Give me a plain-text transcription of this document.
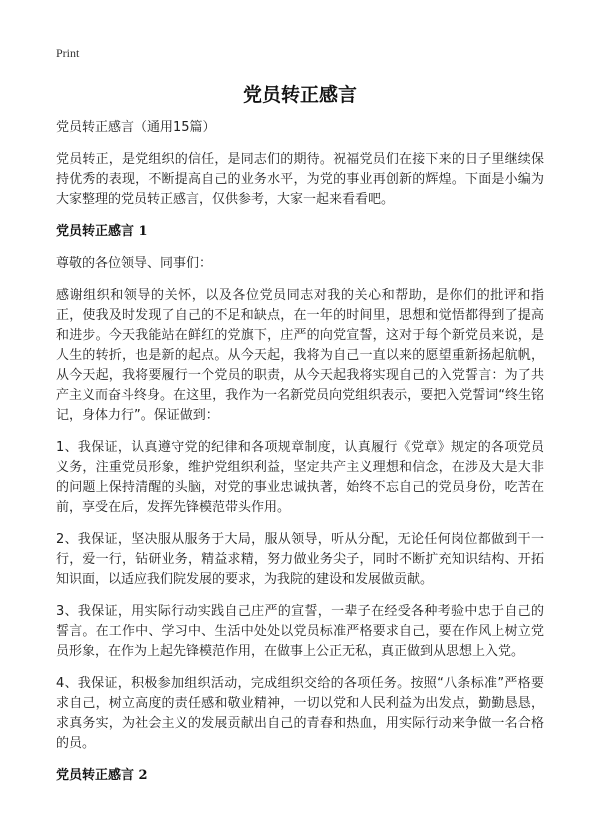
Print
党员转正感言

党员转正感言（通用15篇）

党员转正，是党组织的信任，是同志们的期待。祝福党员们在接下来的日子里继续保持优秀的表现，不断提高自己的业务水平，为党的事业再创新的辉煌。下面是小编为大家整理的党员转正感言，仅供参考，大家一起来看看吧。

党员转正感言 1

尊敬的各位领导、同事们：

感谢组织和领导的关怀，以及各位党员同志对我的关心和帮助，是你们的批评和指正，使我及时发现了自己的不足和缺点，在一年的时间里，思想和觉悟都得到了提高和进步。今天我能站在鲜红的党旗下，庄严的向党宣誓，这对于每个新党员来说，是人生的转折，也是新的起点。从今天起，我将为自己一直以来的愿望重新扬起航帆，从今天起，我将要履行一个党员的职责，从今天起我将实现自己的入党誓言：为了共产主义而奋斗终身。在这里，我作为一名新党员向党组织表示，要把入党誓词“终生铭记，身体力行”。保证做到：

1、我保证，认真遵守党的纪律和各项规章制度，认真履行《党章》规定的各项党员义务，注重党员形象，维护党组织利益，坚定共产主义理想和信念，在涉及大是大非的问题上保持清醒的头脑，对党的事业忠诚执著，始终不忘自己的党员身份，吃苦在前，享受在后，发挥先锋模范带头作用。

2、我保证，坚决服从服务于大局，服从领导，听从分配，无论任何岗位都做到干一行，爱一行，钻研业务，精益求精，努力做业务尖子，同时不断扩充知识结构、开拓知识面，以适应我们院发展的要求，为我院的建设和发展做贡献。

3、我保证，用实际行动实践自己庄严的宣誓，一辈子在经受各种考验中忠于自己的誓言。在工作中、学习中、生活中处处以党员标准严格要求自己，要在作风上树立党员形象，在作为上起先锋模范作用，在做事上公正无私，真正做到从思想上入党。

4、我保证，积极参加组织活动，完成组织交给的各项任务。按照“八条标准”严格要求自己，树立高度的责任感和敬业精神，一切以党和人民利益为出发点，勤勤恳恳，求真务实，为社会主义的发展贡献出自己的青春和热血，用实际行动来争做一名合格的员。

党员转正感言 2
